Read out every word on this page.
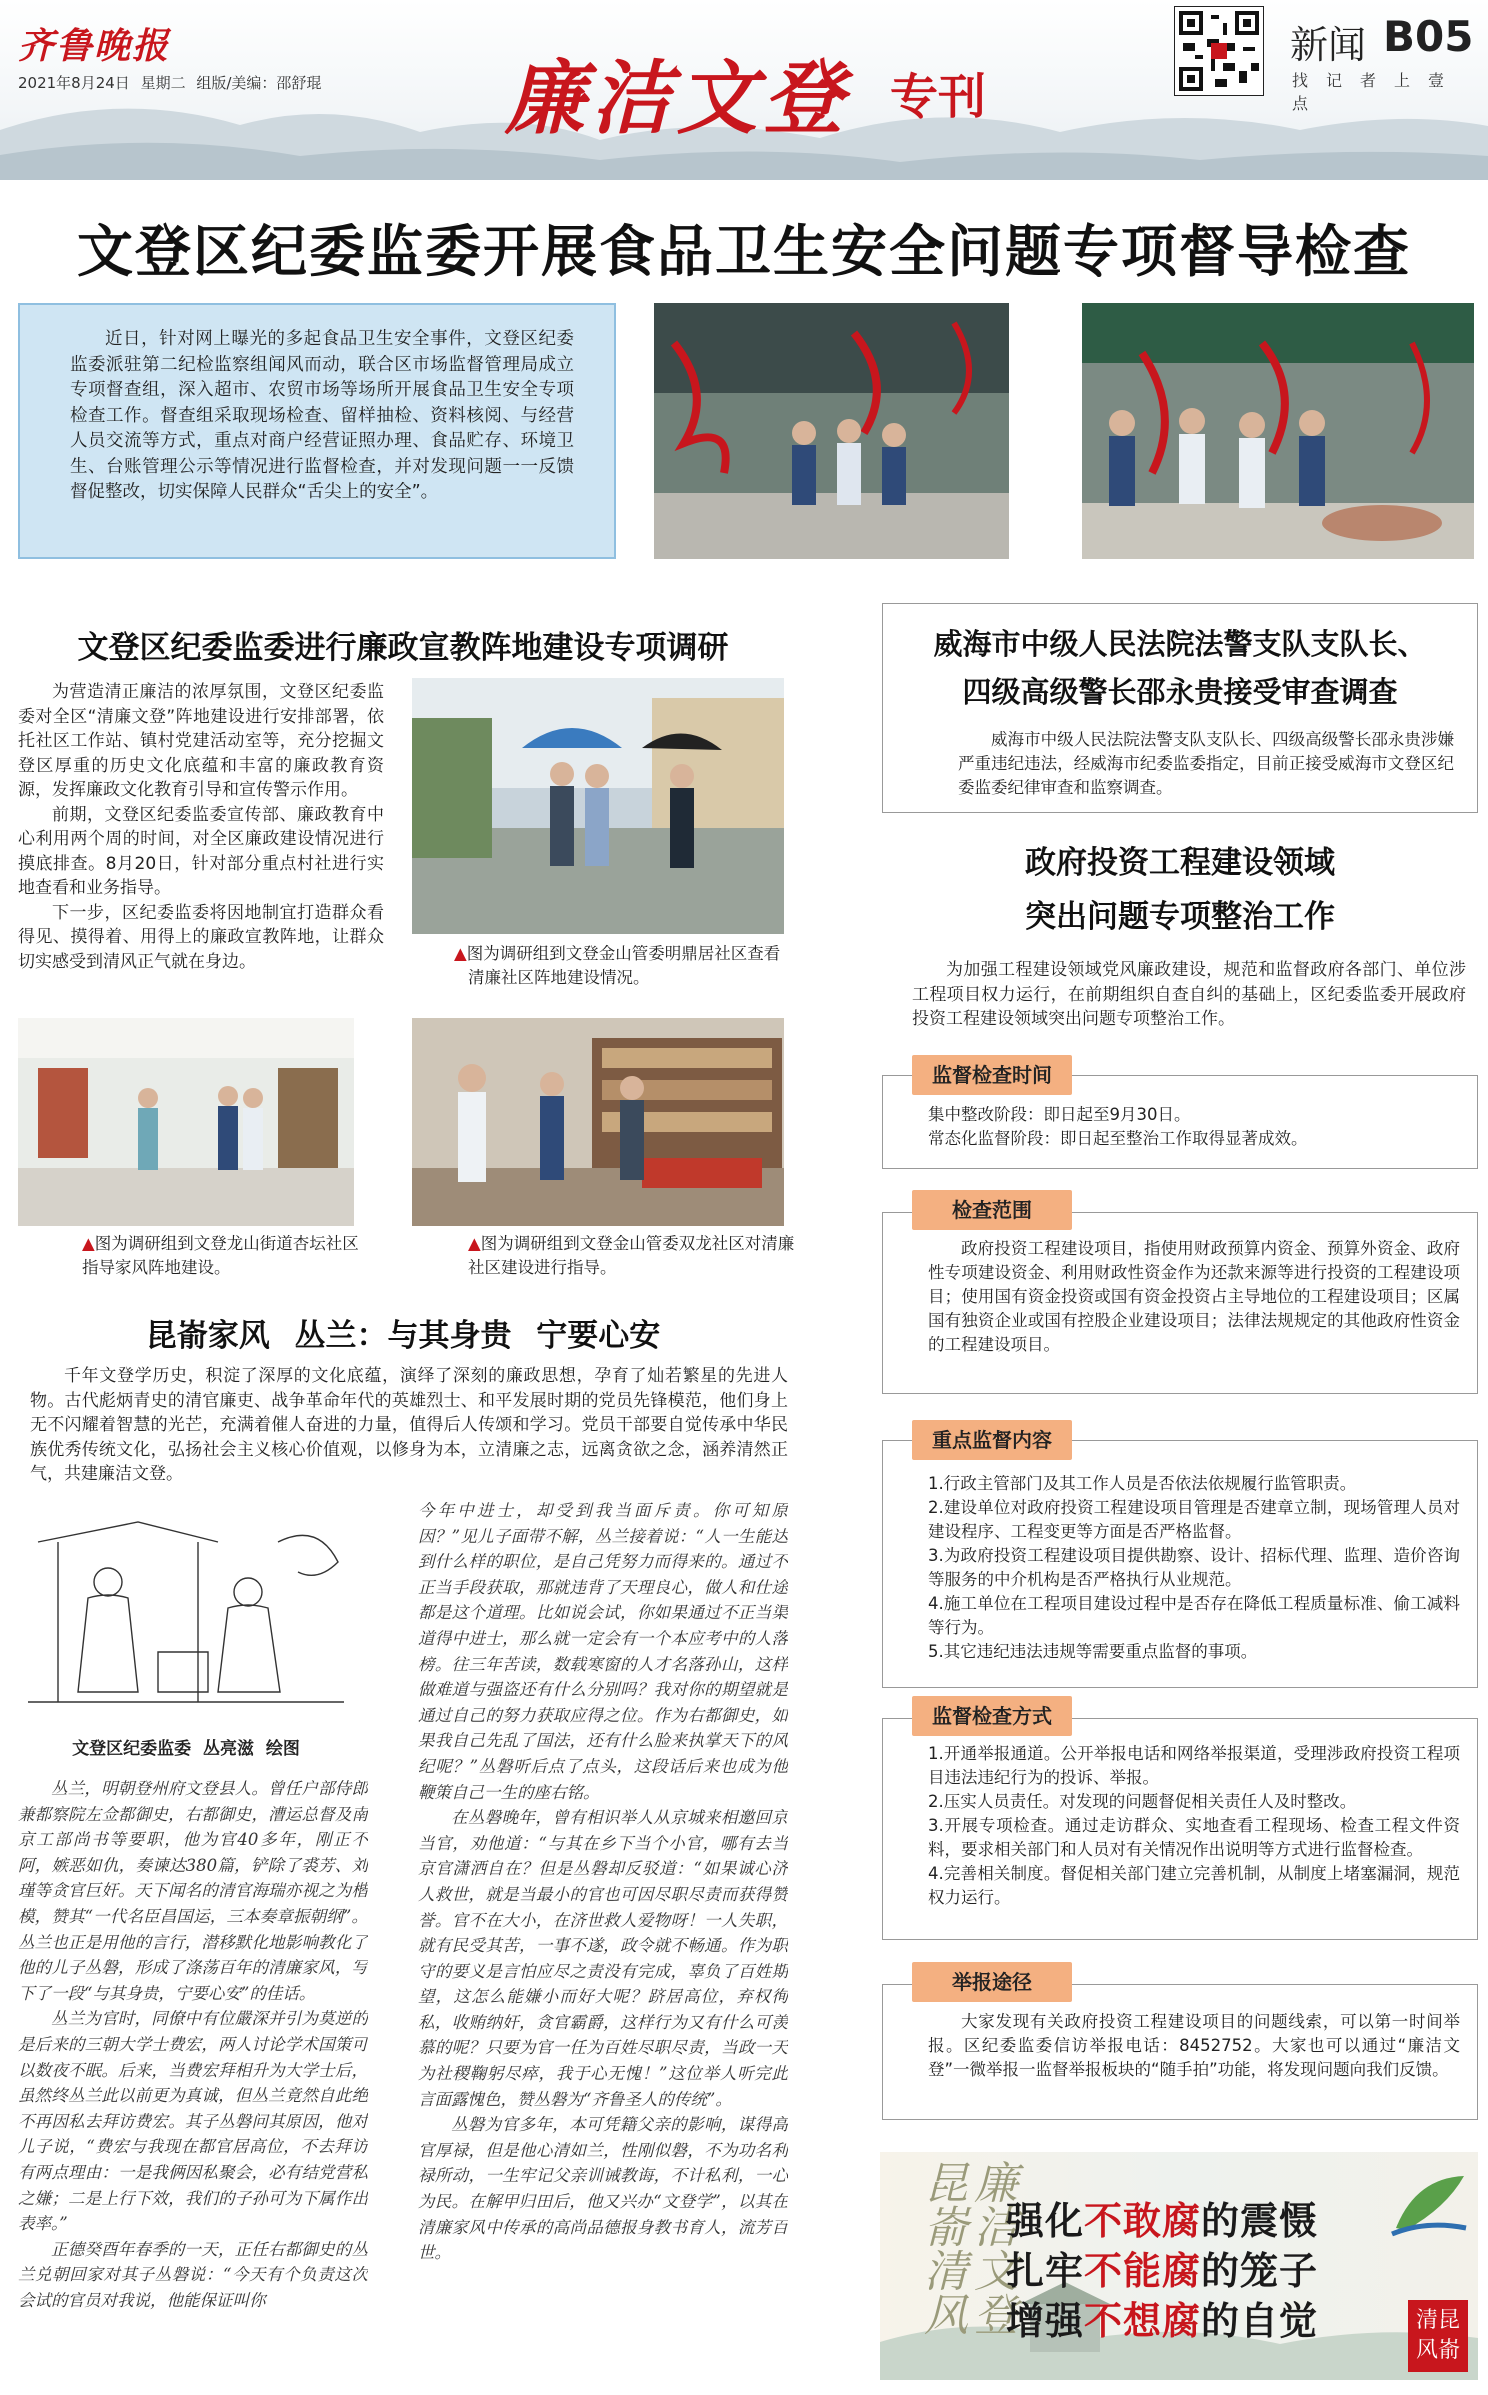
齐鲁晚报
2021年8月24日 星期二 组版/美编：邵舒琨 廉洁文登 专刊
新闻 B05
找记者上壹点
文登区纪委监委开展食品卫生安全问题专项督导检查

近日，针对网上曝光的多起食品卫生安全事件，文登区纪委监委派驻第二纪检监察组闻风而动，联合区市场监督管理局成立专项督查组，深入超市、农贸市场等场所开展食品卫生安全专项检查工作。督查组采取现场检查、留样抽检、资料核阅、与经营人员交流等方式，重点对商户经营证照办理、食品贮存、环境卫生、台账管理公示等情况进行监督检查，并对发现问题一一反馈督促整改，切实保障人民群众“舌尖上的安全”。

文登区纪委监委进行廉政宣教阵地建设专项调研

为营造清正廉洁的浓厚氛围，文登区纪委监委对全区“清廉文登”阵地建设进行安排部署，依托社区工作站、镇村党建活动室等，充分挖掘文登区厚重的历史文化底蕴和丰富的廉政教育资源，发挥廉政文化教育引导和宣传警示作用。

前期，文登区纪委监委宣传部、廉政教育中心利用两个周的时间，对全区廉政建设情况进行摸底排查。8月20日，针对部分重点村社进行实地查看和业务指导。

下一步，区纪委监委将因地制宜打造群众看得见、摸得着、用得上的廉政宣教阵地，让群众切实感受到清风正气就在身边。	▲图为调研组到文登金山管委明鼎居社区查看清廉社区阵地建设情况。
▲图为调研组到文登龙山街道杏坛社区指导家风阵地建设。
▲图为调研组到文登金山管委双龙社区对清廉社区建设进行指导。
昆嵛家风 丛兰：与其身贵 宁要心安

千年文登学历史，积淀了深厚的文化底蕴，演绎了深刻的廉政思想，孕育了灿若繁星的先进人物。古代彪炳青史的清官廉吏、战争革命年代的英雄烈士、和平发展时期的党员先锋模范，他们身上无不闪耀着智慧的光芒，充满着催人奋进的力量，值得后人传颂和学习。党员干部要自觉传承中华民族优秀传统文化，弘扬社会主义核心价值观，以修身为本，立清廉之志，远离贪欲之念，涵养清然正气，共建廉洁文登。

文登区纪委监委 丛亮滋 绘图

丛兰，明朝登州府文登县人。曾任户部侍郎兼都察院左佥都御史，右都御史，漕运总督及南京工部尚书等要职，他为官40多年，刚正不阿，嫉恶如仇，奏谏达380篇，铲除了裘芳、刘瑾等贪官巨奸。天下闻名的清官海瑞亦视之为楷模，赞其“一代名臣昌国运，三本奏章振朝纲”。丛兰也正是用他的言行，潜移默化地影响教化了他的儿子丛磐，形成了涤荡百年的清廉家风，写下了一段“与其身贵，宁要心安”的佳话。

丛兰为官时，同僚中有位嚴深并引为莫逆的是后来的三朝大学士费宏，两人讨论学术国策可以数夜不眠。后来，当费宏拜相升为大学士后，虽然终丛兰此以前更为真诚，但丛兰竟然自此绝不再因私去拜访费宏。其子丛磐问其原因，他对儿子说，“费宏与我现在都官居高位，不去拜访有两点理由：一是我俩因私聚会，必有结党营私之嫌；二是上行下效，我们的子孙可为下属作出表率。”

正德癸酉年春季的一天，正任右都御史的丛兰兑朝回家对其子丛磐说：“今天有个负责这次会试的官员对我说，他能保证叫你

今年中进士，却受到我当面斥责。你可知原因？”见儿子面带不解，丛兰接着说：“人一生能达到什么样的职位，是自己凭努力而得来的。通过不正当手段获取，那就违背了天理良心，做人和仕途都是这个道理。比如说会试，你如果通过不正当渠道得中进士，那么就一定会有一个本应考中的人落榜。往三年苦读，数载寒窗的人才名落孙山，这样做难道与强盗还有什么分别吗？我对你的期望就是通过自己的努力获取应得之位。作为右都御史，如果我自己先乱了国法，还有什么脸来执掌天下的风纪呢？”丛磐听后点了点头，这段话后来也成为他鞭策自己一生的座右铭。

在丛磐晚年，曾有相识举人从京城来相邀回京当官，劝他道：“与其在乡下当个小官，哪有去当京官潇洒自在？但是丛磐却反驳道：“如果诚心济人救世，就是当最小的官也可因尽职尽责而获得赞誉。官不在大小，在济世救人爱物呀！一人失职，就有民受其苦，一事不遂，政令就不畅通。作为职守的要义是言怕应尽之责没有完成，辜负了百姓期望，这怎么能嫌小而好大呢？跻居高位，弃权徇私，收贿纳奸，贪官霸爵，这样行为又有什么可羡慕的呢？只要为官一任为百姓尽职尽责，当政一天为社稷鞠躬尽瘁，我于心无愧！”这位举人听完此言面露愧色，赞丛磐为“齐鲁圣人的传统”。

丛磐为官多年，本可凭籍父亲的影响，谋得高官厚禄，但是他心清如兰，性刚似磐，不为功名利禄所动，一生牢记父亲训诫教诲，不计私利，一心为民。在解甲归田后，他又兴办“文登学”，以其在清廉家风中传承的高尚品德报身教书育人，流芳百世。

威海市中级人民法院法警支队支队长、
四级高级警长邵永贵接受审查调查

威海市中级人民法院法警支队支队长、四级高级警长邵永贵涉嫌严重违纪违法，经威海市纪委监委指定，目前正接受威海市文登区纪委监委纪律审查和监察调查。

政府投资工程建设领域
突出问题专项整治工作

为加强工程建设领域党风廉政建设，规范和监督政府各部门、单位涉工程项目权力运行，在前期组织自查自纠的基础上，区纪委监委开展政府投资工程建设领域突出问题专项整治工作。

监督检查时间
集中整改阶段：即日起至9月30日。
常态化监督阶段：即日起至整治工作取得显著成效。
检查范围

政府投资工程建设项目，指使用财政预算内资金、预算外资金、政府性专项建设资金、利用财政性资金作为还款来源等进行投资的工程建设项目；使用国有资金投资或国有资金投资占主导地位的工程建设项目；区属国有独资企业或国有控股企业建设项目；法律法规规定的其他政府性资金的工程建设项目。

重点监督内容
1.行政主管部门及其工作人员是否依法依规履行监管职责。
2.建设单位对政府投资工程建设项目管理是否建章立制，现场管理人员对建设程序、工程变更等方面是否严格监督。
3.为政府投资工程建设项目提供勘察、设计、招标代理、监理、造价咨询等服务的中介机构是否严格执行从业规范。
4.施工单位在工程项目建设过程中是否存在降低工程质量标准、偷工减料等行为。
5.其它违纪违法违规等需要重点监督的事项。
监督检查方式
1.开通举报通道。公开举报电话和网络举报渠道，受理涉政府投资工程项目违法违纪行为的投诉、举报。
2.压实人员责任。对发现的问题督促相关责任人及时整改。
3.开展专项检查。通过走访群众、实地查看工程现场、检查工程文件资料，要求相关部门和人员对有关情况作出说明等方式进行监督检查。
4.完善相关制度。督促相关部门建立完善机制，从制度上堵塞漏洞，规范权力运行。
举报途径

大家发现有关政府投资工程建设项目的问题线索，可以第一时间举报。区纪委监委信访举报电话：8452752。大家也可以通过“廉洁文登”一微举报一监督举报板块的“随手拍”功能，将发现问题向我们反馈。

廉洁文登 昆嵛清风	强化不敢腐的震慑
扎牢不能腐的笼子
增强不想腐的自觉	清昆风嵛
